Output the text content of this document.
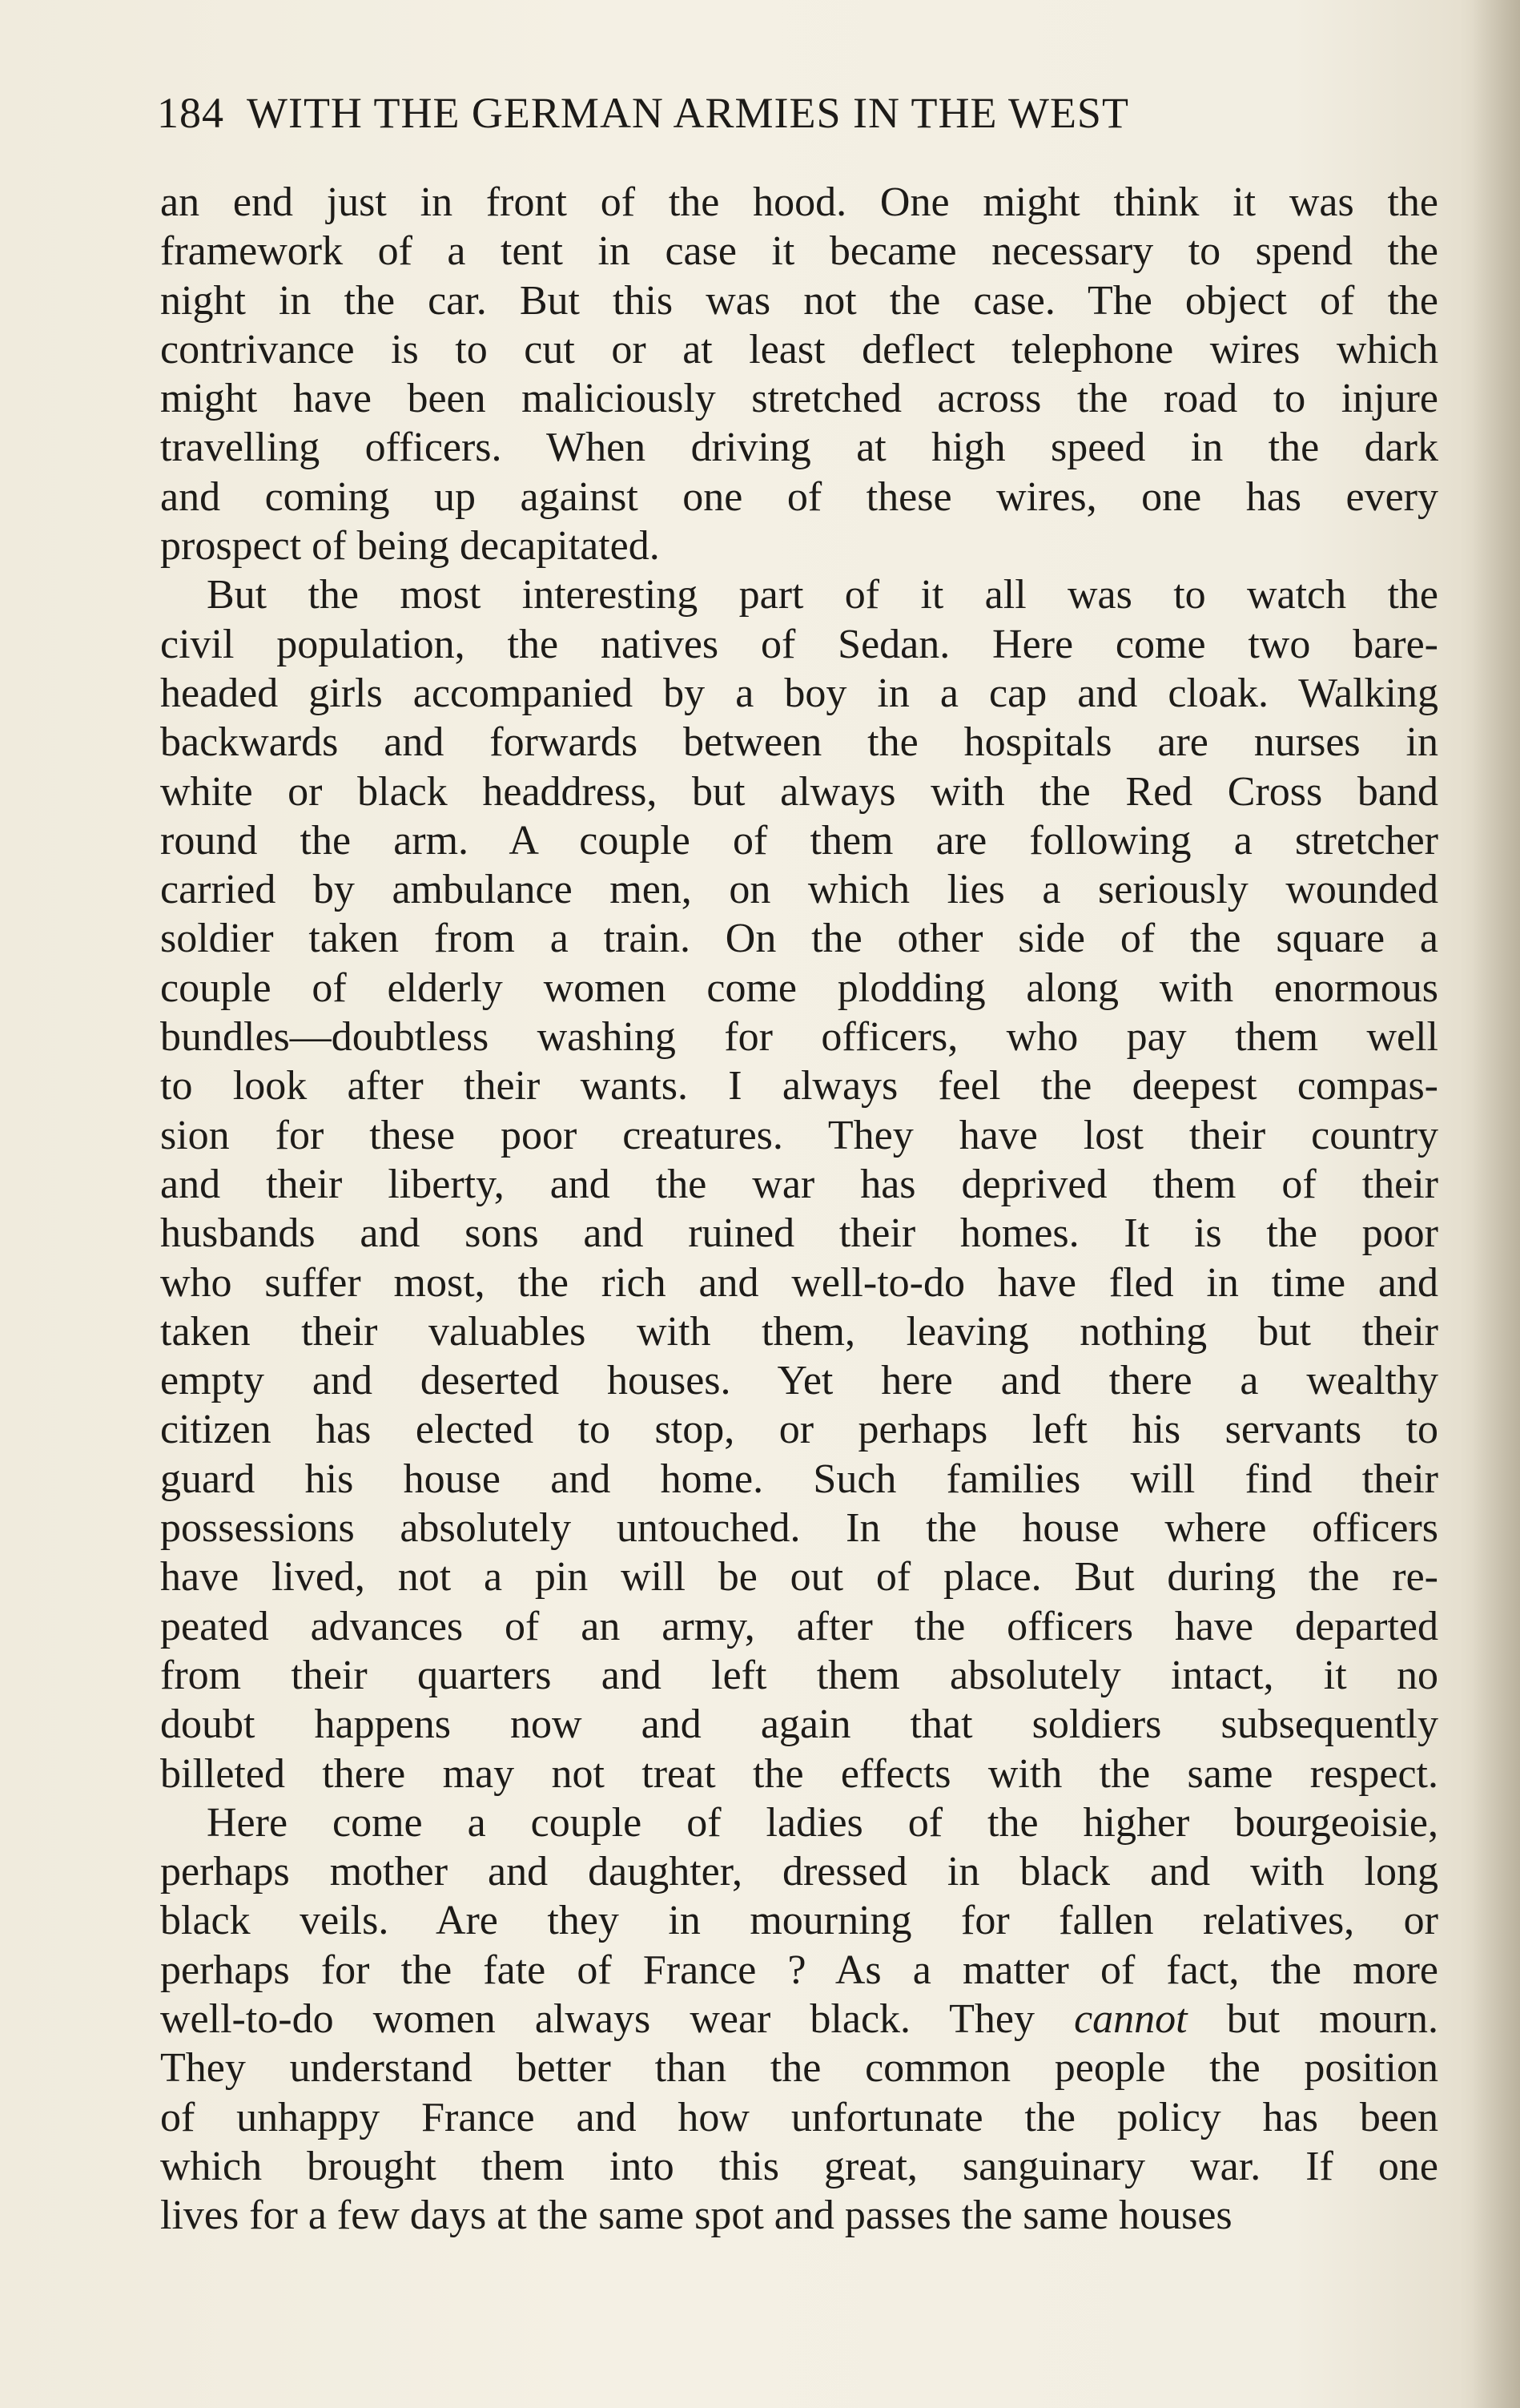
184 WITH THE GERMAN ARMIES IN THE WEST
an end just in front of the hood. One might think it was the
framework of a tent in case it became necessary to spend the
night in the car. But this was not the case. The object of the
contrivance is to cut or at least deflect telephone wires which
might have been maliciously stretched across the road to injure
travelling officers. When driving at high speed in the dark
and coming up against one of these wires, one has every
prospect of being decapitated.
But the most interesting part of it all was to watch the
civil population, the natives of Sedan. Here come two bare-
headed girls accompanied by a boy in a cap and cloak. Walking
backwards and forwards between the hospitals are nurses in
white or black headdress, but always with the Red Cross band
round the arm. A couple of them are following a stretcher
carried by ambulance men, on which lies a seriously wounded
soldier taken from a train. On the other side of the square a
couple of elderly women come plodding along with enormous
bundles—doubtless washing for officers, who pay them well
to look after their wants. I always feel the deepest compas-
sion for these poor creatures. They have lost their country
and their liberty, and the war has deprived them of their
husbands and sons and ruined their homes. It is the poor
who suffer most, the rich and well-to-do have fled in time and
taken their valuables with them, leaving nothing but their
empty and deserted houses. Yet here and there a wealthy
citizen has elected to stop, or perhaps left his servants to
guard his house and home. Such families will find their
possessions absolutely untouched. In the house where officers
have lived, not a pin will be out of place. But during the re-
peated advances of an army, after the officers have departed
from their quarters and left them absolutely intact, it no
doubt happens now and again that soldiers subsequently
billeted there may not treat the effects with the same respect.
Here come a couple of ladies of the higher bourgeoisie,
perhaps mother and daughter, dressed in black and with long
black veils. Are they in mourning for fallen relatives, or
perhaps for the fate of France ? As a matter of fact, the more
well-to-do women always wear black. They cannot but mourn.
They understand better than the common people the position
of unhappy France and how unfortunate the policy has been
which brought them into this great, sanguinary war. If one
lives for a few days at the same spot and passes the same houses
